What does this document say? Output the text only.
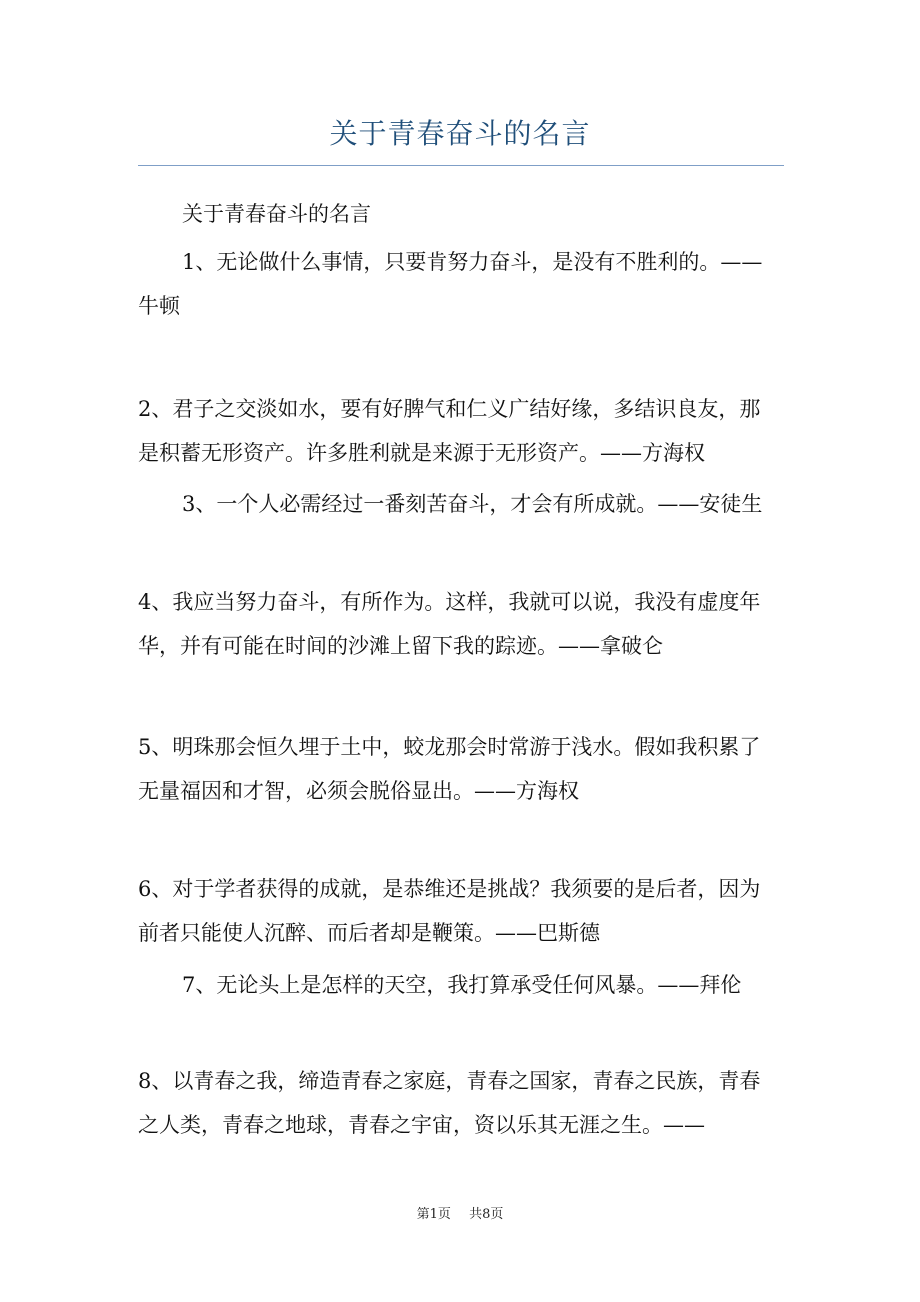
关于青春奋斗的名言
关于青春奋斗的名言
1、无论做什么事情，只要肯努力奋斗，是没有不胜利的。——
牛顿
2、君子之交淡如水，要有好脾气和仁义广结好缘，多结识良友，那
是积蓄无形资产。许多胜利就是来源于无形资产。——方海权
3、一个人必需经过一番刻苦奋斗，才会有所成就。——安徒生
4、我应当努力奋斗，有所作为。这样，我就可以说，我没有虚度年
华，并有可能在时间的沙滩上留下我的踪迹。——拿破仑
5、明珠那会恒久埋于土中，蛟龙那会时常游于浅水。假如我积累了
无量福因和才智，必须会脱俗显出。——方海权
6、对于学者获得的成就，是恭维还是挑战？我须要的是后者，因为
前者只能使人沉醉、而后者却是鞭策。——巴斯德
7、无论头上是怎样的天空，我打算承受任何风暴。——拜伦
8、以青春之我，缔造青春之家庭，青春之国家，青春之民族，青春
之人类，青春之地球，青春之宇宙，资以乐其无涯之生。——
第1页 共8页
